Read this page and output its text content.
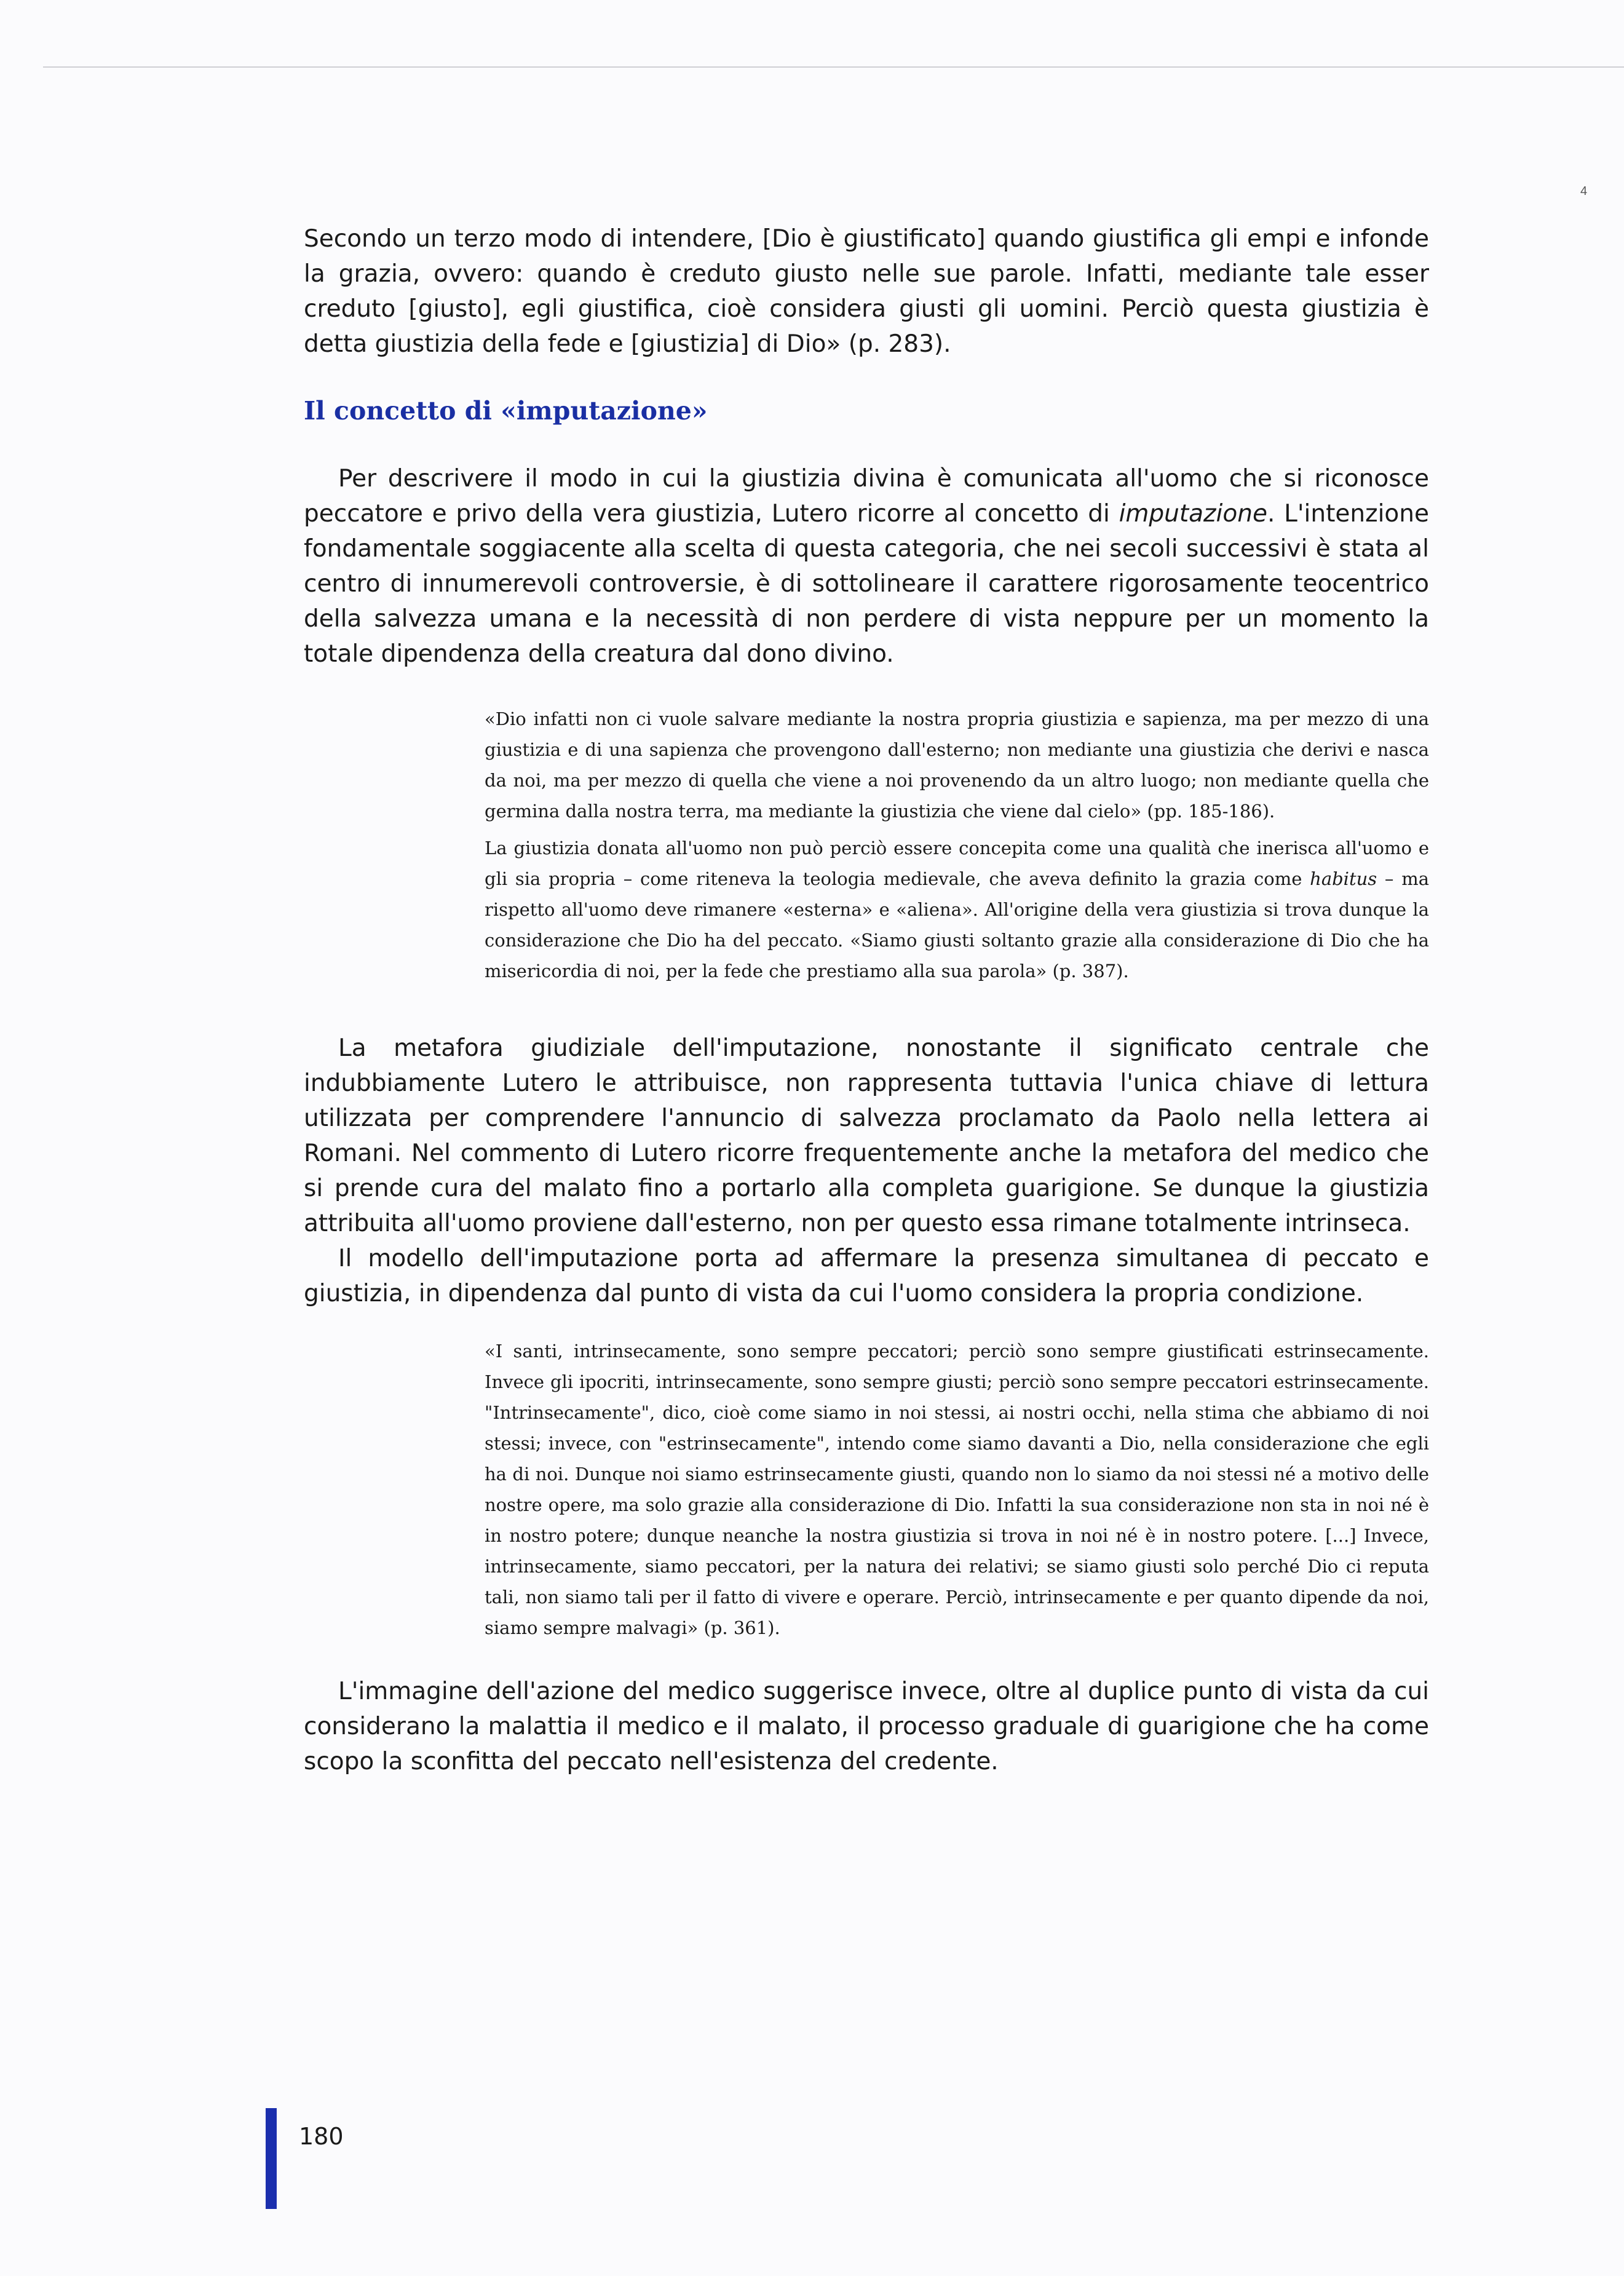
4

Secondo un terzo modo di intendere, [Dio è giustificato] quando giustifica gli empi e infonde la grazia, ovvero: quando è creduto giusto nelle sue parole. Infatti, mediante tale esser creduto [giusto], egli giustifica, cioè considera giusti gli uomini. Perciò questa giustizia è detta giustizia della fede e [giustizia] di Dio» (p. 283).

Il concetto di «imputazione»

Per descrivere il modo in cui la giustizia divina è comunicata all'uomo che si riconosce peccatore e privo della vera giustizia, Lutero ricorre al concetto di imputazione. L'intenzione fondamentale soggiacente alla scelta di questa categoria, che nei secoli successivi è stata al centro di innumerevoli controversie, è di sottolineare il carattere rigorosamente teocentrico della salvezza umana e la necessità di non perdere di vista neppure per un momento la totale dipendenza della creatura dal dono divino.

«Dio infatti non ci vuole salvare mediante la nostra propria giustizia e sapienza, ma per mezzo di una giustizia e di una sapienza che provengono dall'esterno; non mediante una giustizia che derivi e nasca da noi, ma per mezzo di quella che viene a noi provenendo da un altro luogo; non mediante quella che germina dalla nostra terra, ma mediante la giustizia che viene dal cielo» (pp. 185-186).

La giustizia donata all'uomo non può perciò essere concepita come una qualità che inerisca all'uomo e gli sia propria – come riteneva la teologia medievale, che aveva definito la grazia come habitus – ma rispetto all'uomo deve rimanere «esterna» e «aliena». All'origine della vera giustizia si trova dunque la considerazione che Dio ha del peccato. «Siamo giusti soltanto grazie alla considerazione di Dio che ha misericordia di noi, per la fede che prestiamo alla sua parola» (p. 387).

La metafora giudiziale dell'imputazione, nonostante il significato centrale che indubbiamente Lutero le attribuisce, non rappresenta tuttavia l'unica chiave di lettura utilizzata per comprendere l'annuncio di salvezza proclamato da Paolo nella lettera ai Romani. Nel commento di Lutero ricorre frequentemente anche la metafora del medico che si prende cura del malato fino a portarlo alla completa guarigione. Se dunque la giustizia attribuita all'uomo proviene dall'esterno, non per questo essa rimane totalmente intrinseca.

Il modello dell'imputazione porta ad affermare la presenza simultanea di peccato e giustizia, in dipendenza dal punto di vista da cui l'uomo considera la propria condizione.

«I santi, intrinsecamente, sono sempre peccatori; perciò sono sempre giustificati estrinsecamente. Invece gli ipocriti, intrinsecamente, sono sempre giusti; perciò sono sempre peccatori estrinsecamente. "Intrinsecamente", dico, cioè come siamo in noi stessi, ai nostri occhi, nella stima che abbiamo di noi stessi; invece, con "estrinsecamente", intendo come siamo davanti a Dio, nella considerazione che egli ha di noi. Dunque noi siamo estrinsecamente giusti, quando non lo siamo da noi stessi né a motivo delle nostre opere, ma solo grazie alla considerazione di Dio. Infatti la sua considerazione non sta in noi né è in nostro potere; dunque neanche la nostra giustizia si trova in noi né è in nostro potere. [...] Invece, intrinsecamente, siamo peccatori, per la natura dei relativi; se siamo giusti solo perché Dio ci reputa tali, non siamo tali per il fatto di vivere e operare. Perciò, intrinsecamente e per quanto dipende da noi, siamo sempre malvagi» (p. 361).

L'immagine dell'azione del medico suggerisce invece, oltre al duplice punto di vista da cui considerano la malattia il medico e il malato, il processo graduale di guarigione che ha come scopo la sconfitta del peccato nell'esistenza del credente.

180
